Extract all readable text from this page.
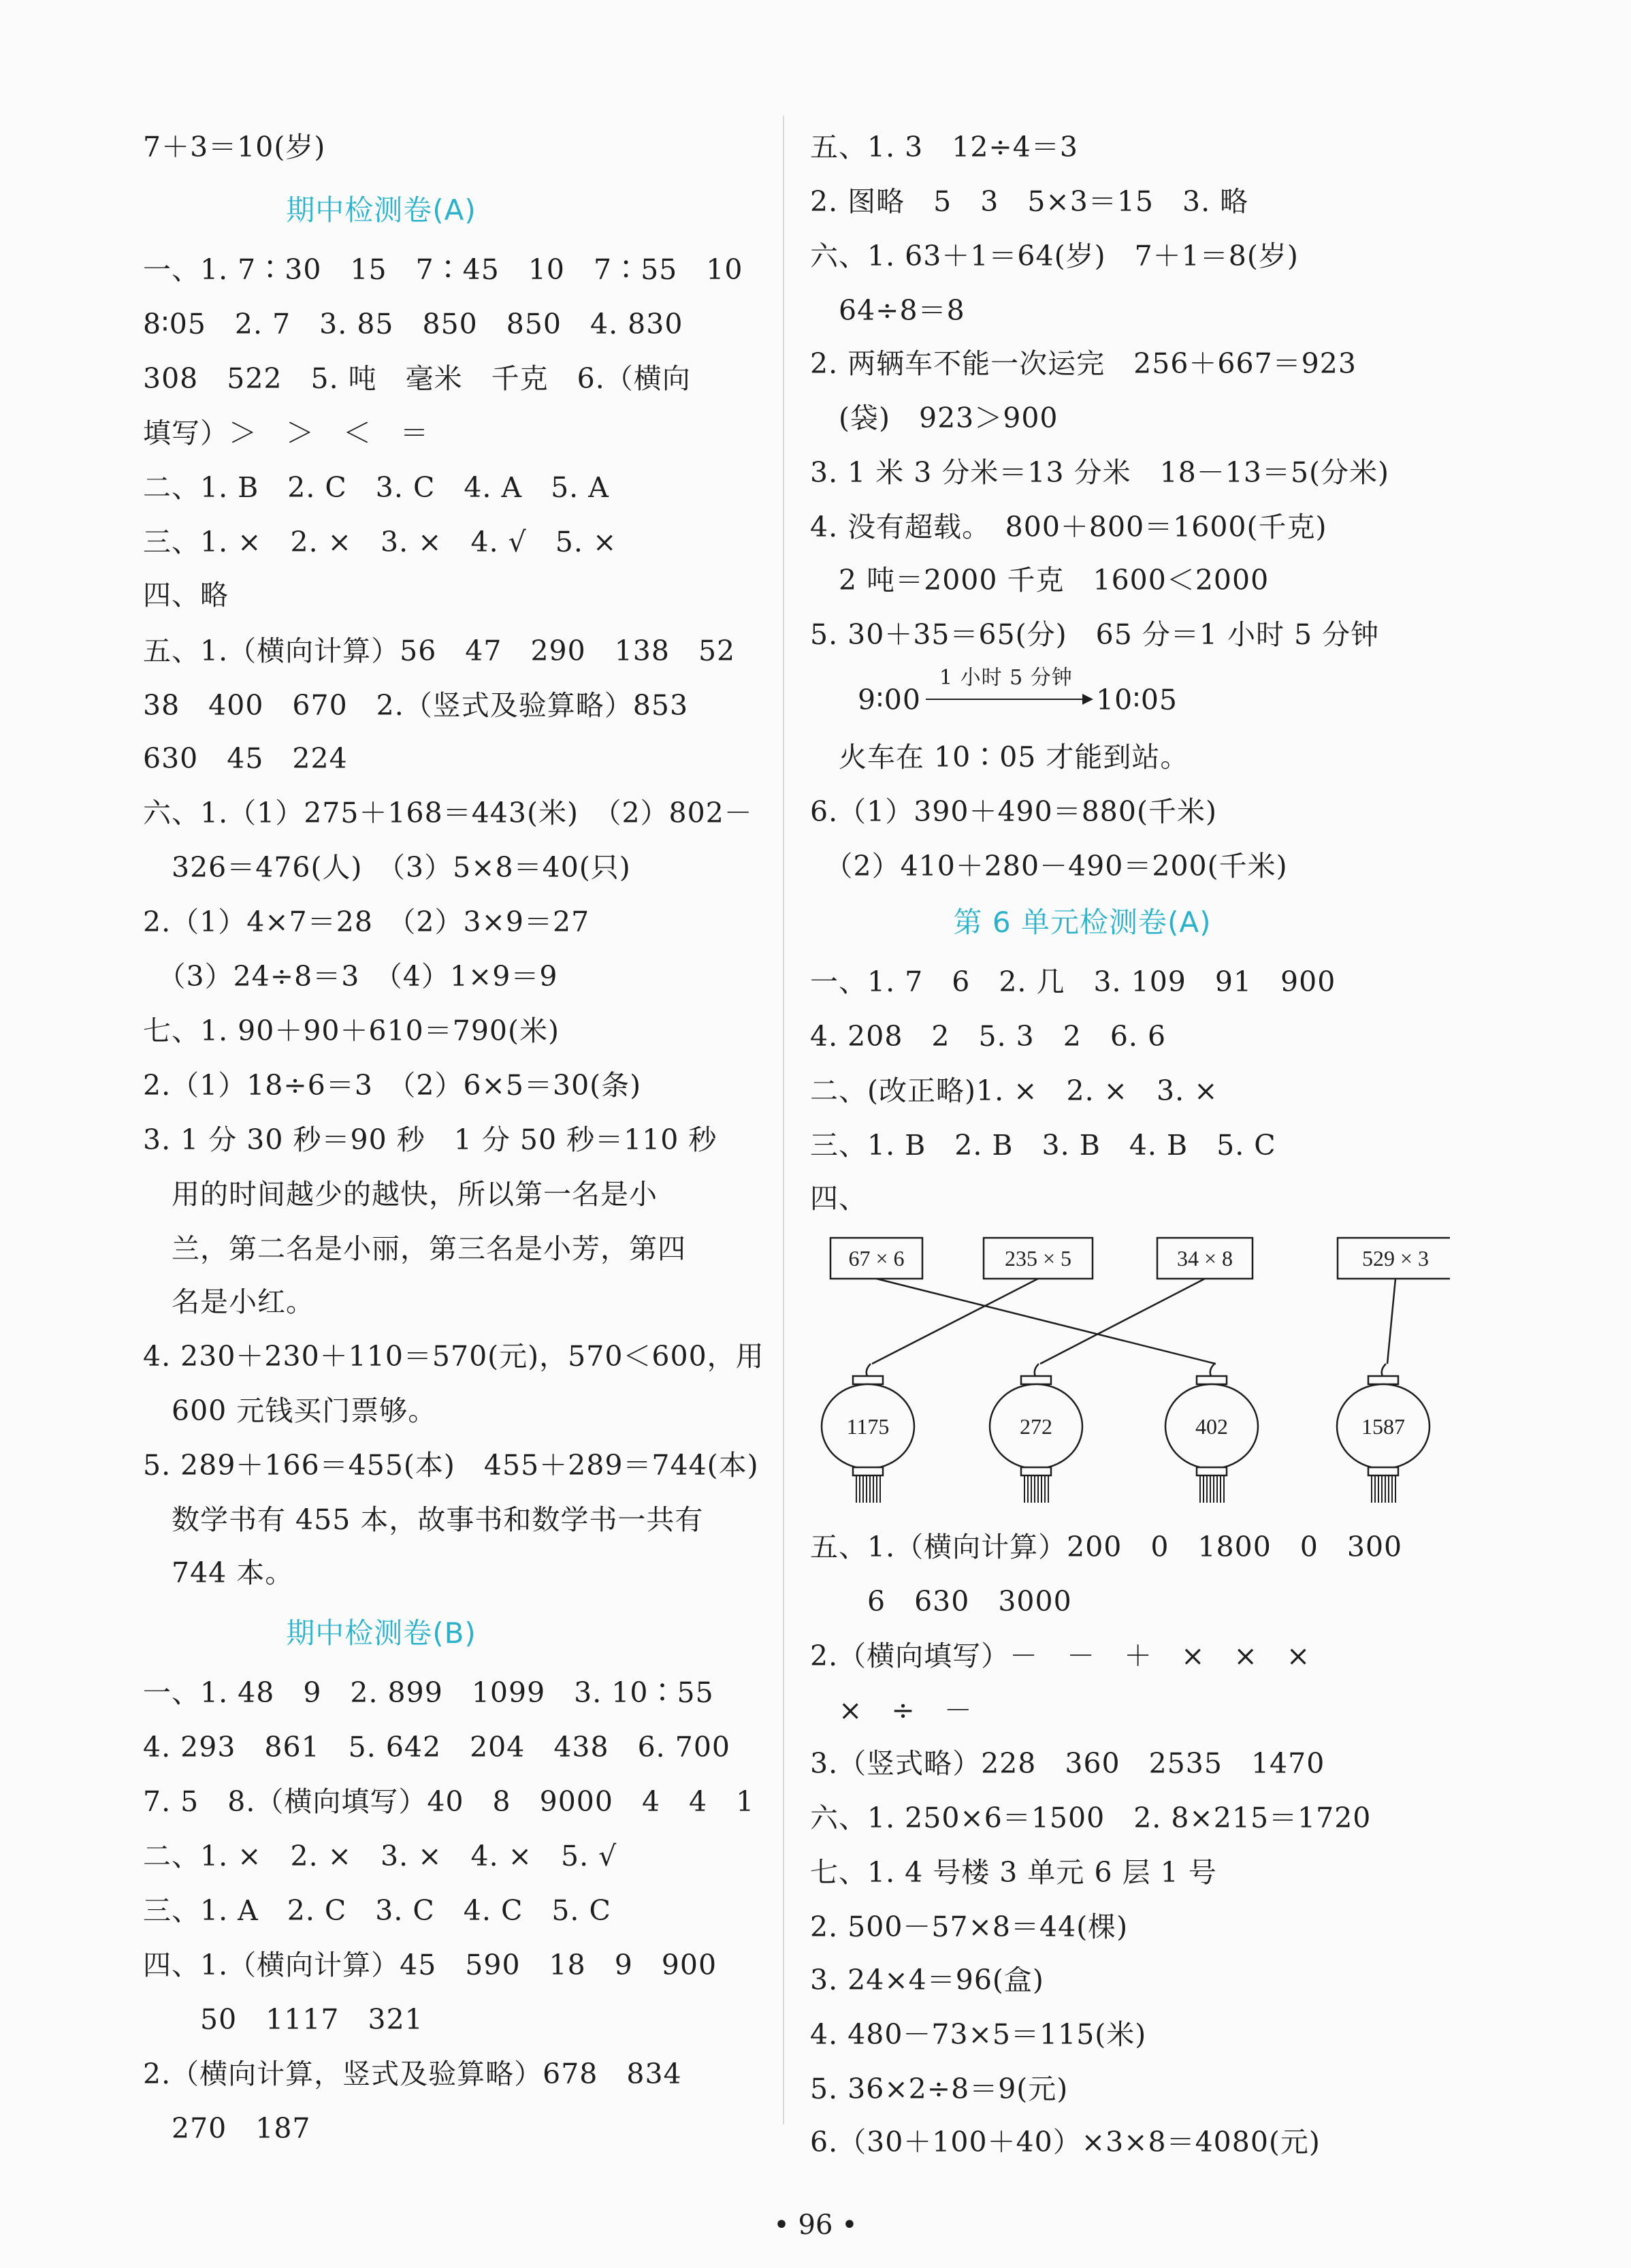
7＋3＝10(岁)
期中检测卷(A)
一、1. 7∶30　15　7∶45　10　7∶55　10
8∶05　2. 7　3. 85　850　850　4. 830
308　522　5. 吨　毫米　千克　6.（横向
填写）＞　＞　＜　＝
二、1. B　2. C　3. C　4. A　5. A
三、1. ×　2. ×　3. ×　4. √　5. ×
四、略
五、1.（横向计算）56　47　290　138　52
38　400　670　2.（竖式及验算略）853
630　45　224
六、1.（1）275＋168＝443(米)　（2）802－
　326＝476(人)　（3）5×8＝40(只)
2.（1）4×7＝28　（2）3×9＝27
　（3）24÷8＝3　（4）1×9＝9
七、1. 90＋90＋610＝790(米)
2.（1）18÷6＝3　（2）6×5＝30(条)
3. 1 分 30 秒＝90 秒　1 分 50 秒＝110 秒
　用的时间越少的越快，所以第一名是小
　兰，第二名是小丽，第三名是小芳，第四
　名是小红。
4. 230＋230＋110＝570(元)，570＜600，用
　600 元钱买门票够。
5. 289＋166＝455(本)　455＋289＝744(本)
　数学书有 455 本，故事书和数学书一共有
　744 本。
期中检测卷(B)
一、1. 48　9　2. 899　1099　3. 10∶55
4. 293　861　5. 642　204　438　6. 700
7. 5　8.（横向填写）40　8　9000　4　4　1
二、1. ×　2. ×　3. ×　4. ×　5. √
三、1. A　2. C　3. C　4. C　5. C
四、1.（横向计算）45　590　18　9　900
　　50　1117　321
2.（横向计算，竖式及验算略）678　834
　270　187
五、1. 3　12÷4＝3
2. 图略　5　3　5×3＝15　3. 略
六、1. 63＋1＝64(岁)　7＋1＝8(岁)
　64÷8＝8
2. 两辆车不能一次运完　256＋667＝923
　(袋)　923＞900
3. 1 米 3 分米＝13 分米　18－13＝5(分米)
4. 没有超载。　800＋800＝1600(千克)
　2 吨＝2000 千克　1600＜2000
5. 30＋35＝65(分)　65 分＝1 小时 5 分钟
9∶00
1 小时 5 分钟
10∶05
　火车在 10∶05 才能到站。
6.（1）390＋490＝880(千米)
　（2）410＋280－490＝200(千米)
第 6 单元检测卷(A)
一、1. 7　6　2. 几　3. 109　91　900
4. 208　2　5. 3　2　6. 6
二、(改正略)1. ×　2. ×　3. ×
三、1. B　2. B　3. B　4. B　5. C
四、
67 × 6	235 × 5	34 × 8	529 × 3
1175	272	402	1587
五、1.（横向计算）200　0　1800　0　300
　　6　630　3000
2.（横向填写）－　－　＋　×　×　×
　×　÷　－
3.（竖式略）228　360　2535　1470
六、1. 250×6＝1500　2. 8×215＝1720
七、1. 4 号楼 3 单元 6 层 1 号
2. 500－57×8＝44(棵)
3. 24×4＝96(盒)
4. 480－73×5＝115(米)
5. 36×2÷8＝9(元)
6.（30＋100＋40）×3×8＝4080(元)
• 96 •
